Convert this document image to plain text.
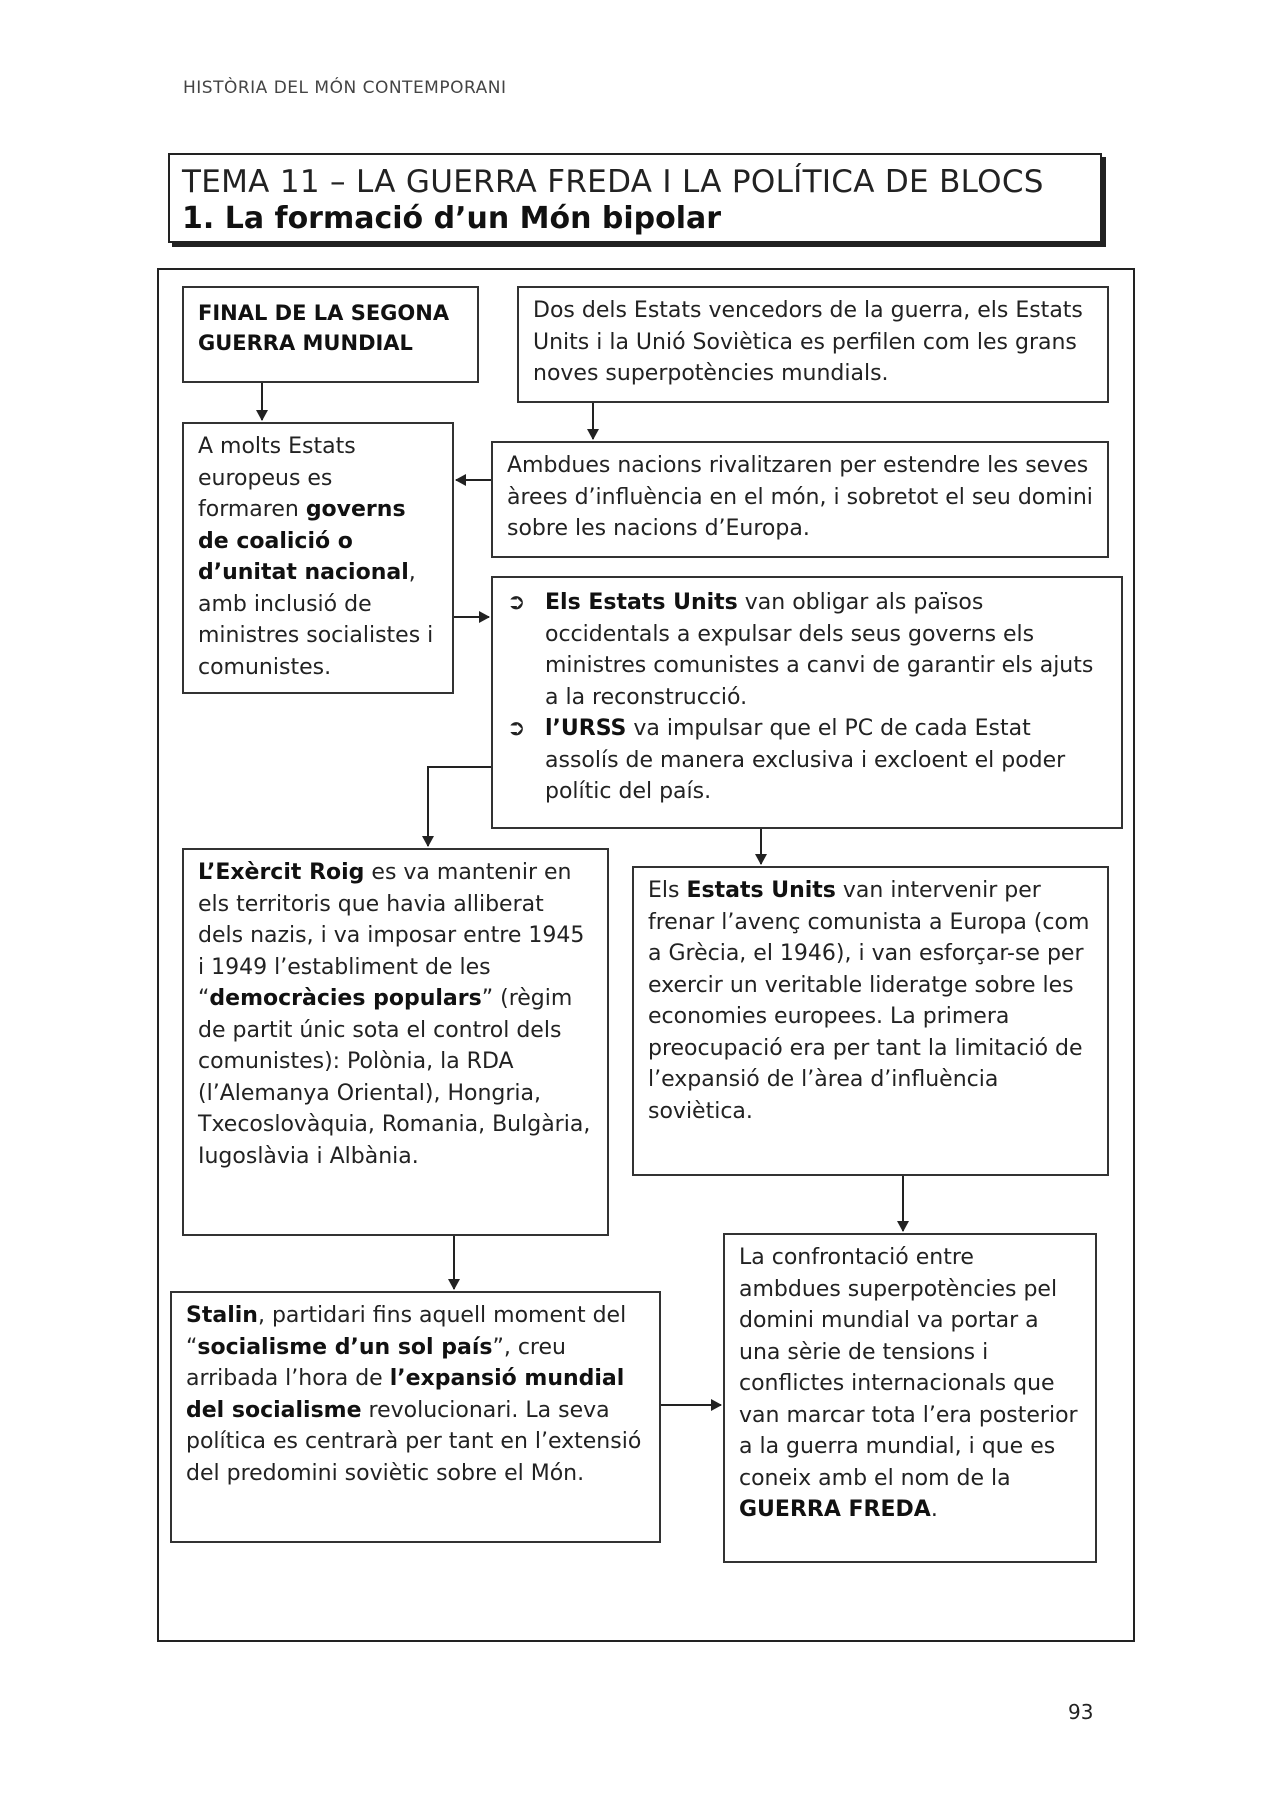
HISTÒRIA DEL MÓN CONTEMPORANI
TEMA 11 – LA GUERRA FREDA I LA POLÍTICA DE BLOCS
1. La formació d’un Món bipolar
FINAL DE LA SEGONA GUERRA MUNDIAL
Dos dels Estats vencedors de la guerra, els Estats Units i la Unió Soviètica es perfilen com les grans noves superpotències mundials.
A molts Estats europeus es formaren governs de coalició o d’unitat nacional, amb inclusió de ministres socialistes i comunistes.
Ambdues nacions rivalitzaren per estendre les seves àrees d’influència en el món, i sobretot el seu domini sobre les nacions d’Europa.
➲ Els Estats Units van obligar als països occidentals a expulsar dels seus governs els ministres comunistes a canvi de garantir els ajuts a la reconstrucció.
➲ l’URSS va impulsar que el PC de cada Estat assolís de manera exclusiva i excloent el poder polític del país.
L’Exèrcit Roig es va mantenir en els territoris que havia alliberat dels nazis, i va imposar entre 1945 i 1949 l’establiment de les “democràcies populars” (règim de partit únic sota el control dels comunistes): Polònia, la RDA (l’Alemanya Oriental), Hongria, Txecoslovàquia, Romania, Bulgària, Iugoslàvia i Albània.
Els Estats Units van intervenir per frenar l’avenç comunista a Europa (com a Grècia, el 1946), i van esforçar-se per exercir un veritable lideratge sobre les economies europees. La primera preocupació era per tant la limitació de l’expansió de l’àrea d’influència soviètica.
Stalin, partidari fins aquell moment del “socialisme d’un sol país”, creu arribada l’hora de l’expansió mundial del socialisme revolucionari. La seva política es centrarà per tant en l’extensió del predomini soviètic sobre el Món.
La confrontació entre ambdues superpotències pel domini mundial va portar a una sèrie de tensions i conflictes internacionals que van marcar tota l’era posterior a la guerra mundial, i que es coneix amb el nom de la GUERRA FREDA.
93
